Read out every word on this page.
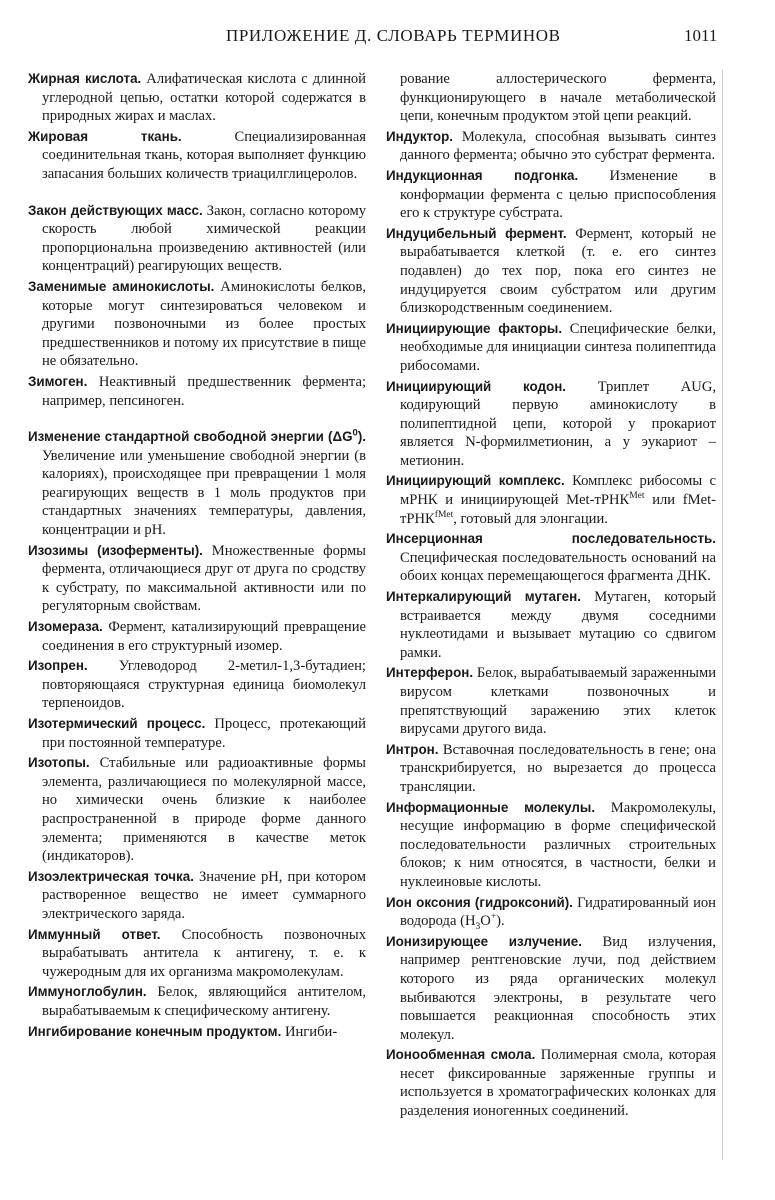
ПРИЛОЖЕНИЕ Д. СЛОВАРЬ ТЕРМИНОВ	1011

Жирная кислота. Алифатическая кислота с длинной углеродной цепью, остатки которой содержатся в природных жирах и маслах.

Жировая ткань.	Специализированная соединительная ткань, которая выполняет функцию запасания больших количеств триацилглицеролов.

Закон действующих масс. Закон, согласно которому скорость любой химической реакции пропорциональна произведению активностей (или концентраций) реагирующих веществ.

Заменимые аминокислоты. Аминокислоты белков, которые могут синтезироваться человеком и другими позвоночными из более простых предшественников и потому их присутствие в пище не обязательно.

Зимоген. Неактивный предшественник фермента; например, пепсиноген.

Изменение стандартной свободной энергии $(\Delta G^0)$. Увеличение или уменьшение свободной энергии (в калориях), происходящее при превращении 1 моля реагирующих веществ в 1 моль продуктов при стандартных значениях температуры, давления, концентрации и pH.

Изозимы (изоферменты). Множественные формы фермента, отличающиеся друг от друга по сродству к субстрату, по максимальной активности или по регуляторным свойствам.

Изомераза. Фермент, катализирующий превращение соединения в его структурный изомер.

Изопрен. Углеводород 2-метил-1,3-бутадиен; повторяющаяся структурная единица биомолекул терпеноидов.

Изотермический процесс. Процесс, протекающий при постоянной температуре.

Изотопы. Стабильные или радиоактивные формы элемента, различающиеся по молекулярной массе, но химически очень близкие к наиболее распространенной в природе форме данного элемента; применяются в качестве меток (индикаторов).

Изоэлектрическая точка. Значение pH, при котором растворенное вещество не имеет суммарного электрического заряда.

Иммунный ответ. Способность позвоночных вырабатывать антитела к антигену, т. е. к чужеродным для их организма макромолекулам.

Иммуноглобулин. Белок, являющийся антителом, вырабатываемым к специфическому антигену.

Ингибирование конечным продуктом. Ингиби-

рование аллостерического фермента, функционирующего в начале метаболической цепи, конечным продуктом этой цепи реакций.

Индуктор. Молекула, способная вызывать синтез данного фермента; обычно это субстрат фермента.

Индукционная подгонка. Изменение в конформации фермента с целью приспособления его к структуре субстрата.

Индуцибельный фермент. Фермент, который не вырабатывается клеткой (т. е. его синтез подавлен) до тех пор, пока его синтез не индуцируется своим субстратом или другим близкородственным соединением.

Инициирующие факторы. Специфические белки, необходимые для инициации синтеза полипептида рибосомами.

Инициирующий кодон. Триплет AUG, кодирующий первую аминокислоту в полипептидной цепи, которой у прокариот является N-формилметионин, а у эукариот – метионин.

Инициирующий комплекс. Комплекс рибосомы с мРНК и инициирующей Met-тРНК$^{Met}$ или fMet-тРНК$^{fMet}$, готовый для элонгации.

Инсерционная последовательность. Специфическая последовательность оснований на обоих концах перемещающегося фрагмента ДНК.

Интеркалирующий мутаген. Мутаген, который встраивается между двумя соседними нуклеотидами и вызывает мутацию со сдвигом рамки.

Интерферон. Белок, вырабатываемый зараженными вирусом клетками позвоночных и препятствующий заражению этих клеток вирусами другого вида.

Интрон. Вставочная последовательность в гене; она транскрибируется, но вырезается до процесса трансляции.

Информационные молекулы. Макромолекулы, несущие информацию в форме специфической последовательности различных строительных блоков; к ним относятся, в частности, белки и нуклеиновые кислоты.

Ион оксония (гидроксоний). Гидратированный ион водорода $(H_3O^+)$.

Ионизирующее излучение. Вид излучения, например рентгеновские лучи, под действием которого из ряда органических молекул выбиваются электроны, в результате чего повышается реакционная способность этих молекул.

Ионообменная смола. Полимерная смола, которая несет фиксированные заряженные группы и используется в хроматографических колонках для разделения ионогенных соединений.
